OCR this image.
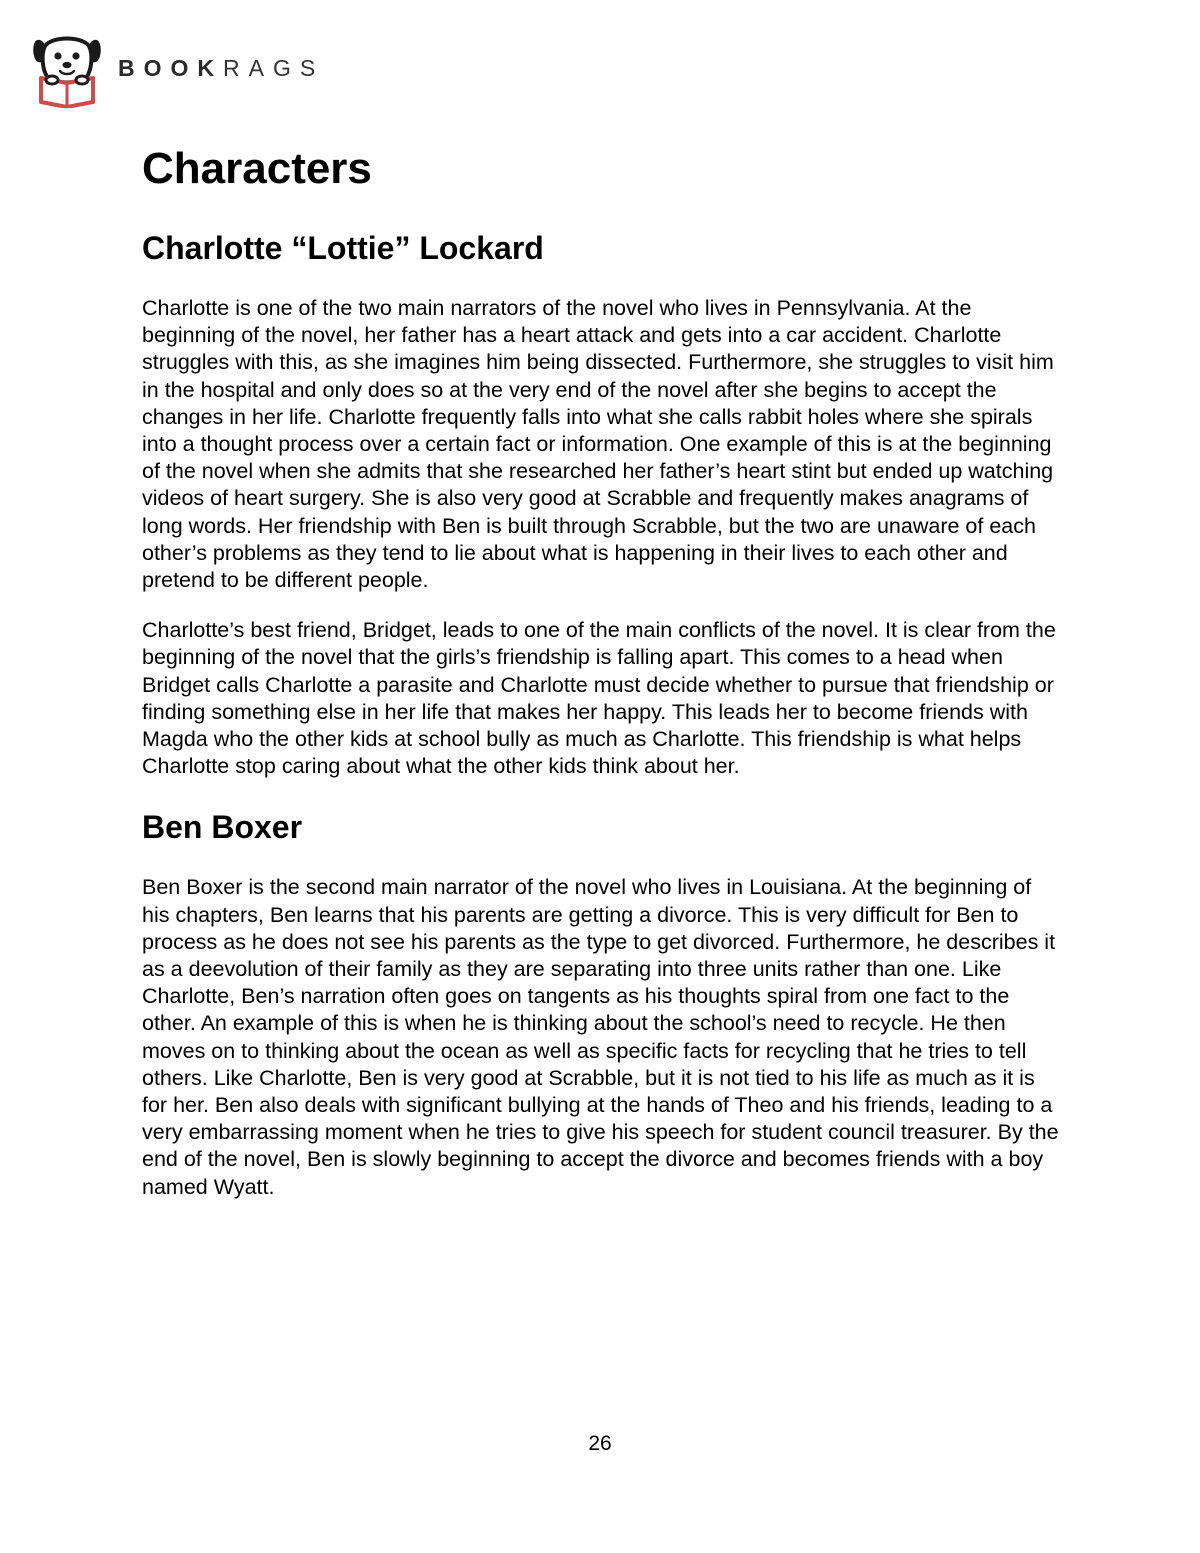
BOOK RAGS
Characters
Charlotte “Lottie” Lockard

Charlotte is one of the two main narrators of the novel who lives in Pennsylvania. At the beginning of the novel, her father has a heart attack and gets into a car accident. Charlotte struggles with this, as she imagines him being dissected. Furthermore, she struggles to visit him in the hospital and only does so at the very end of the novel after she begins to accept the changes in her life. Charlotte frequently falls into what she calls rabbit holes where she spirals into a thought process over a certain fact or information. One example of this is at the beginning of the novel when she admits that she researched her father’s heart stint but ended up watching videos of heart surgery. She is also very good at Scrabble and frequently makes anagrams of long words. Her friendship with Ben is built through Scrabble, but the two are unaware of each other’s problems as they tend to lie about what is happening in their lives to each other and pretend to be different people.

Charlotte’s best friend, Bridget, leads to one of the main conflicts of the novel. It is clear from the beginning of the novel that the girls’s friendship is falling apart. This comes to a head when Bridget calls Charlotte a parasite and Charlotte must decide whether to pursue that friendship or finding something else in her life that makes her happy. This leads her to become friends with Magda who the other kids at school bully as much as Charlotte. This friendship is what helps Charlotte stop caring about what the other kids think about her.

Ben Boxer

Ben Boxer is the second main narrator of the novel who lives in Louisiana. At the beginning of his chapters, Ben learns that his parents are getting a divorce. This is very difficult for Ben to process as he does not see his parents as the type to get divorced. Furthermore, he describes it as a deevolution of their family as they are separating into three units rather than one. Like Charlotte, Ben’s narration often goes on tangents as his thoughts spiral from one fact to the other. An example of this is when he is thinking about the school’s need to recycle. He then moves on to thinking about the ocean as well as specific facts for recycling that he tries to tell others. Like Charlotte, Ben is very good at Scrabble, but it is not tied to his life as much as it is for her. Ben also deals with significant bullying at the hands of Theo and his friends, leading to a very embarrassing moment when he tries to give his speech for student council treasurer. By the end of the novel, Ben is slowly beginning to accept the divorce and becomes friends with a boy named Wyatt.

26
